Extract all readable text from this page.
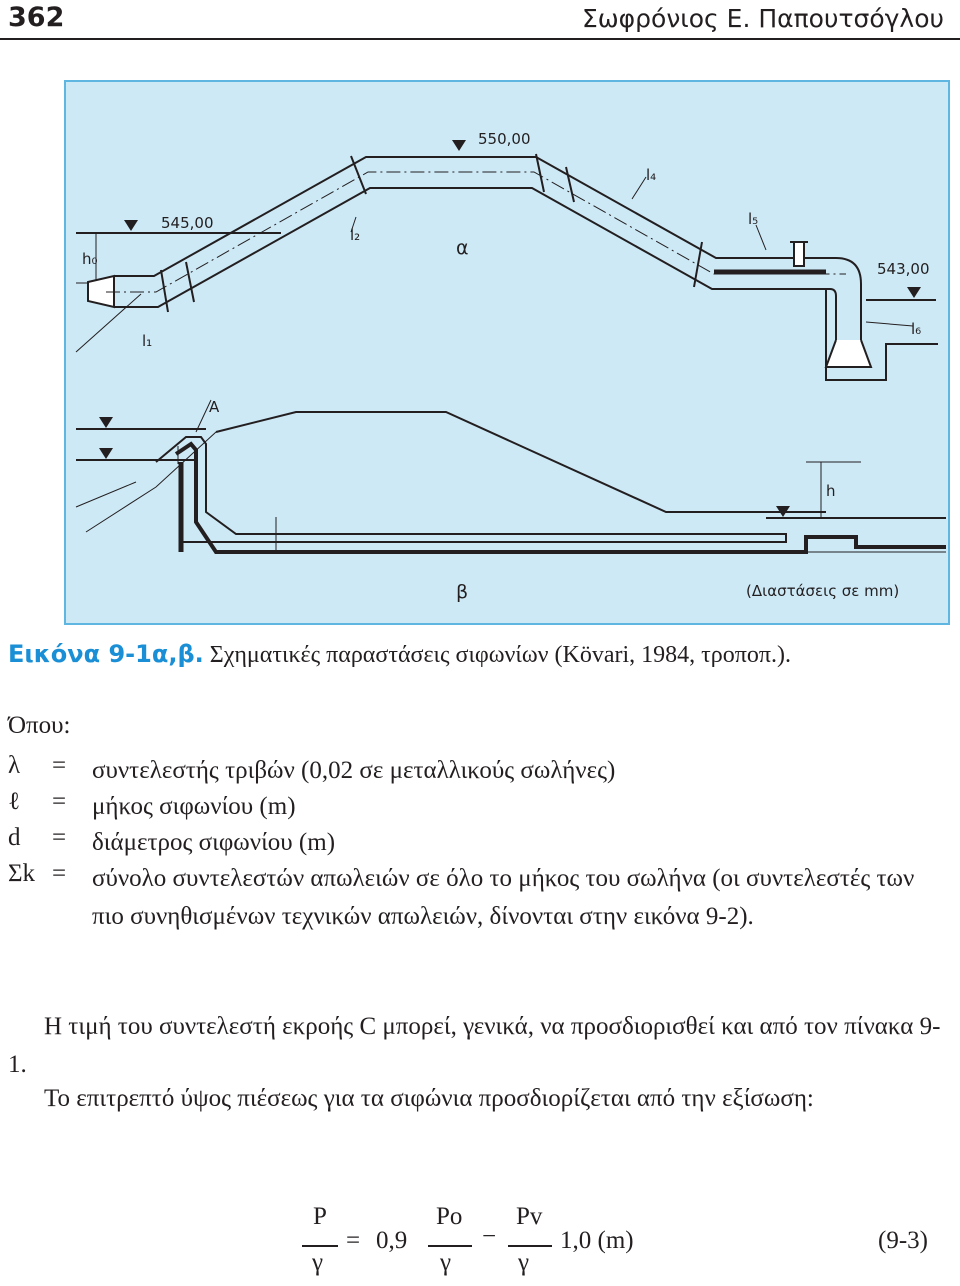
362	Σωφρόνιος Ε. Παπουτσόγλου
545,00
550,00
543,00
h₀
l₁
l₂
l₄
l₅
l₆
α
Α
h
β	(Διαστάσεις σε mm)
Εικόνα 9-1α,β. Σχηματικές παραστάσεις σιφωνίων (Kövari, 1984, τροποπ.).
Όπου:
λ	=	συντελεστής τριβών (0,02 σε μεταλλικούς σωλήνες)
ℓ	=	μήκος σιφωνίου (m)
d	=	διάμετρος σιφωνίου (m)
Σk =	σύνολο συντελεστών απωλειών σε όλο το μήκος του σωλήνα (οι συντελεστές των πιο συνηθισμένων τεχνικών απωλειών, δίνονται στην εικόνα 9-2).
Η τιμή του συντελεστή εκροής C μπορεί, γενικά, να προσδιορισθεί και από τον πίνακα 9-1.
Το επιτρεπτό ύψος πιέσεως για τα σιφώνια προσδιορίζεται από την εξίσωση:
P
γ
= 0,9
Po
γ
−
Pv
γ
1,0 (m)	(9-3)
